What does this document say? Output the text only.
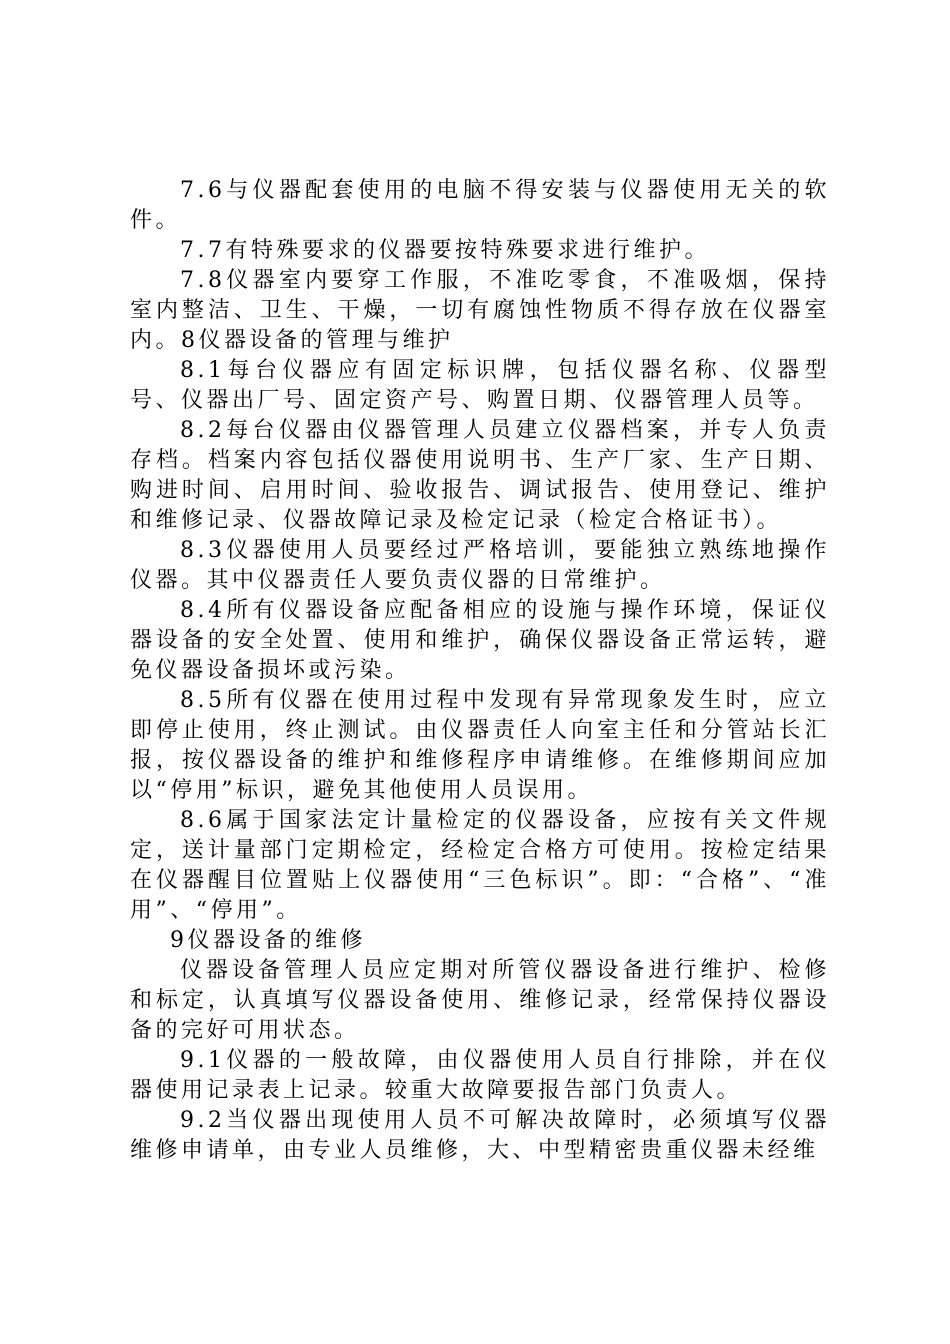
7.6与仪器配套使用的电脑不得安装与仪器使用无关的软件。

7.7有特殊要求的仪器要按特殊要求进行维护。

7.8仪器室内要穿工作服，不准吃零食，不准吸烟，保持室内整洁、卫生、干燥，一切有腐蚀性物质不得存放在仪器室内。8仪器设备的管理与维护

8.1每台仪器应有固定标识牌，包括仪器名称、仪器型号、仪器出厂号、固定资产号、购置日期、仪器管理人员等。

8.2每台仪器由仪器管理人员建立仪器档案，并专人负责存档。档案内容包括仪器使用说明书、生产厂家、生产日期、购进时间、启用时间、验收报告、调试报告、使用登记、维护和维修记录、仪器故障记录及检定记录（检定合格证书）。

8.3仪器使用人员要经过严格培训，要能独立熟练地操作仪器。其中仪器责任人要负责仪器的日常维护。

8.4所有仪器设备应配备相应的设施与操作环境，保证仪器设备的安全处置、使用和维护，确保仪器设备正常运转，避免仪器设备损坏或污染。

8.5所有仪器在使用过程中发现有异常现象发生时，应立即停止使用，终止测试。由仪器责任人向室主任和分管站长汇报，按仪器设备的维护和维修程序申请维修。在维修期间应加以“停用”标识，避免其他使用人员误用。

8.6属于国家法定计量检定的仪器设备，应按有关文件规定，送计量部门定期检定，经检定合格方可使用。按检定结果在仪器醒目位置贴上仪器使用“三色标识”。即：“合格”、“准用”、“停用”。

9仪器设备的维修

仪器设备管理人员应定期对所管仪器设备进行维护、检修和标定，认真填写仪器设备使用、维修记录，经常保持仪器设备的完好可用状态。

9.1仪器的一般故障，由仪器使用人员自行排除，并在仪器使用记录表上记录。较重大故障要报告部门负责人。

9.2当仪器出现使用人员不可解决故障时，必须填写仪器维修申请单，由专业人员维修，大、中型精密贵重仪器未经维
